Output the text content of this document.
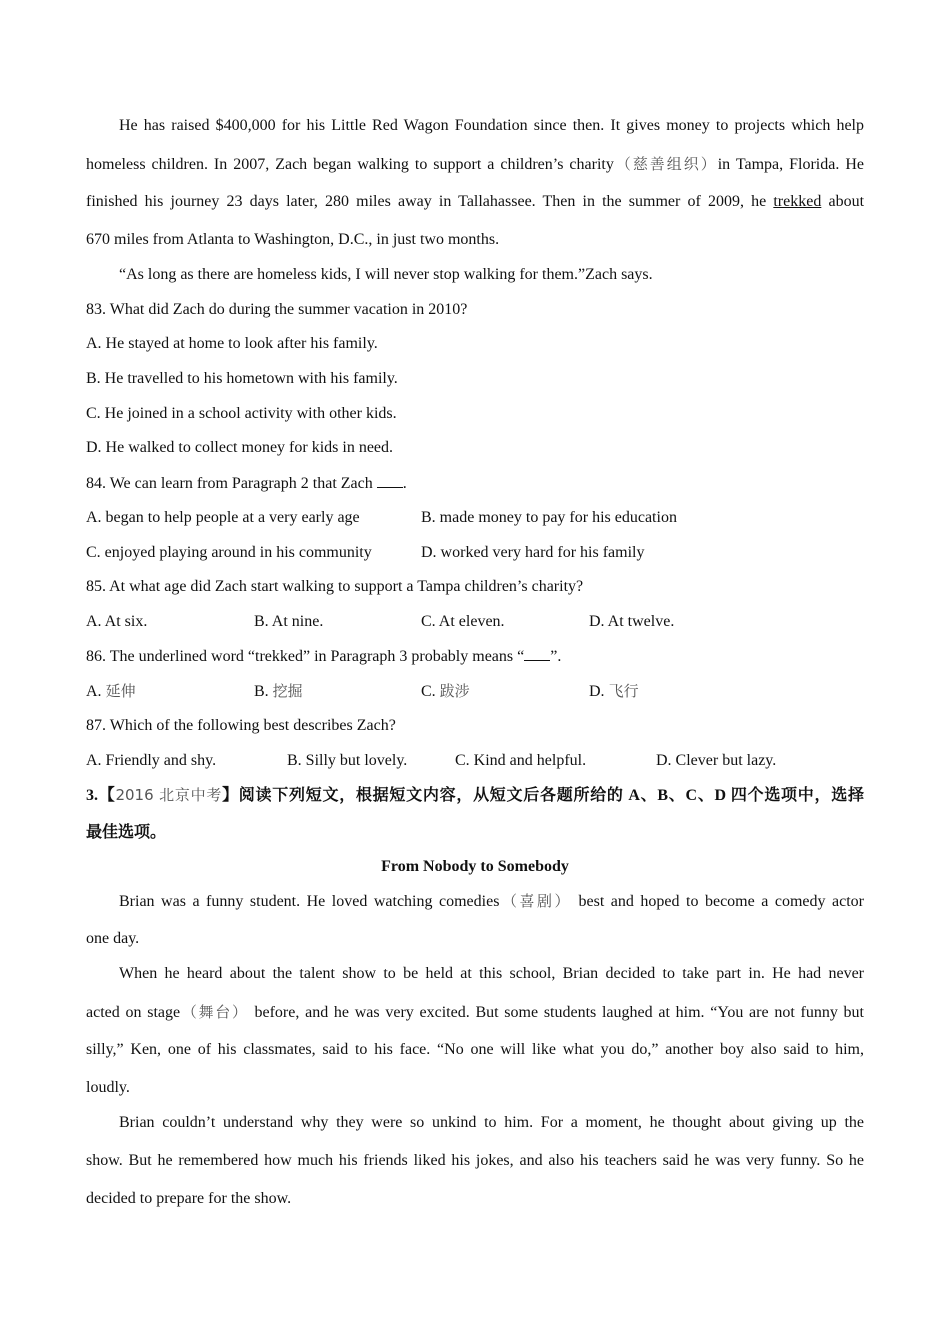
He has raised $400,000 for his Little Red Wagon Foundation since then. It gives money to projects which help
homeless children. In 2007, Zach began walking to support a children’s charity（慈善组织）in Tampa, Florida. He
finished his journey 23 days later, 280 miles away in Tallahassee. Then in the summer of 2009, he trekked about
670 miles from Atlanta to Washington, D.C., in just two months.
“As long as there are homeless kids, I will never stop walking for them.”Zach says.
83. What did Zach do during the summer vacation in 2010?
A. He stayed at home to look after his family.
B. He travelled to his hometown with his family.
C. He joined in a school activity with other kids.
D. He walked to collect money for kids in need.
84. We can learn from Paragraph 2 that Zach .
A. began to help people at a very early age	B. made money to pay for his education
C. enjoyed playing around in his community	D. worked very hard for his family
85. At what age did Zach start walking to support a Tampa children’s charity?
A. At six.	B. At nine.	C. At eleven.	D. At twelve.
86. The underlined word “trekked” in Paragraph 3 probably means “ ”.
A. 延伸	B. 挖掘	C. 跋涉	D. 飞行
87. Which of the following best describes Zach?
A. Friendly and shy.	B. Silly but lovely.	C. Kind and helpful.	D. Clever but lazy.
3.【2016 北京中考】阅读下列短文，根据短文内容，从短文后各题所给的 A、B、C、D 四个选项中，选择
最佳选项。
From Nobody to Somebody
Brian was a funny student. He loved watching comedies（喜剧） best and hoped to become a comedy actor
one day.
When he heard about the talent show to be held at this school, Brian decided to take part in. He had never
acted on stage（舞台） before, and he was very excited. But some students laughed at him. “You are not funny but
silly,” Ken, one of his classmates, said to his face. “No one will like what you do,” another boy also said to him,
loudly.
Brian couldn’t understand why they were so unkind to him. For a moment, he thought about giving up the
show. But he remembered how much his friends liked his jokes, and also his teachers said he was very funny. So he
decided to prepare for the show.
